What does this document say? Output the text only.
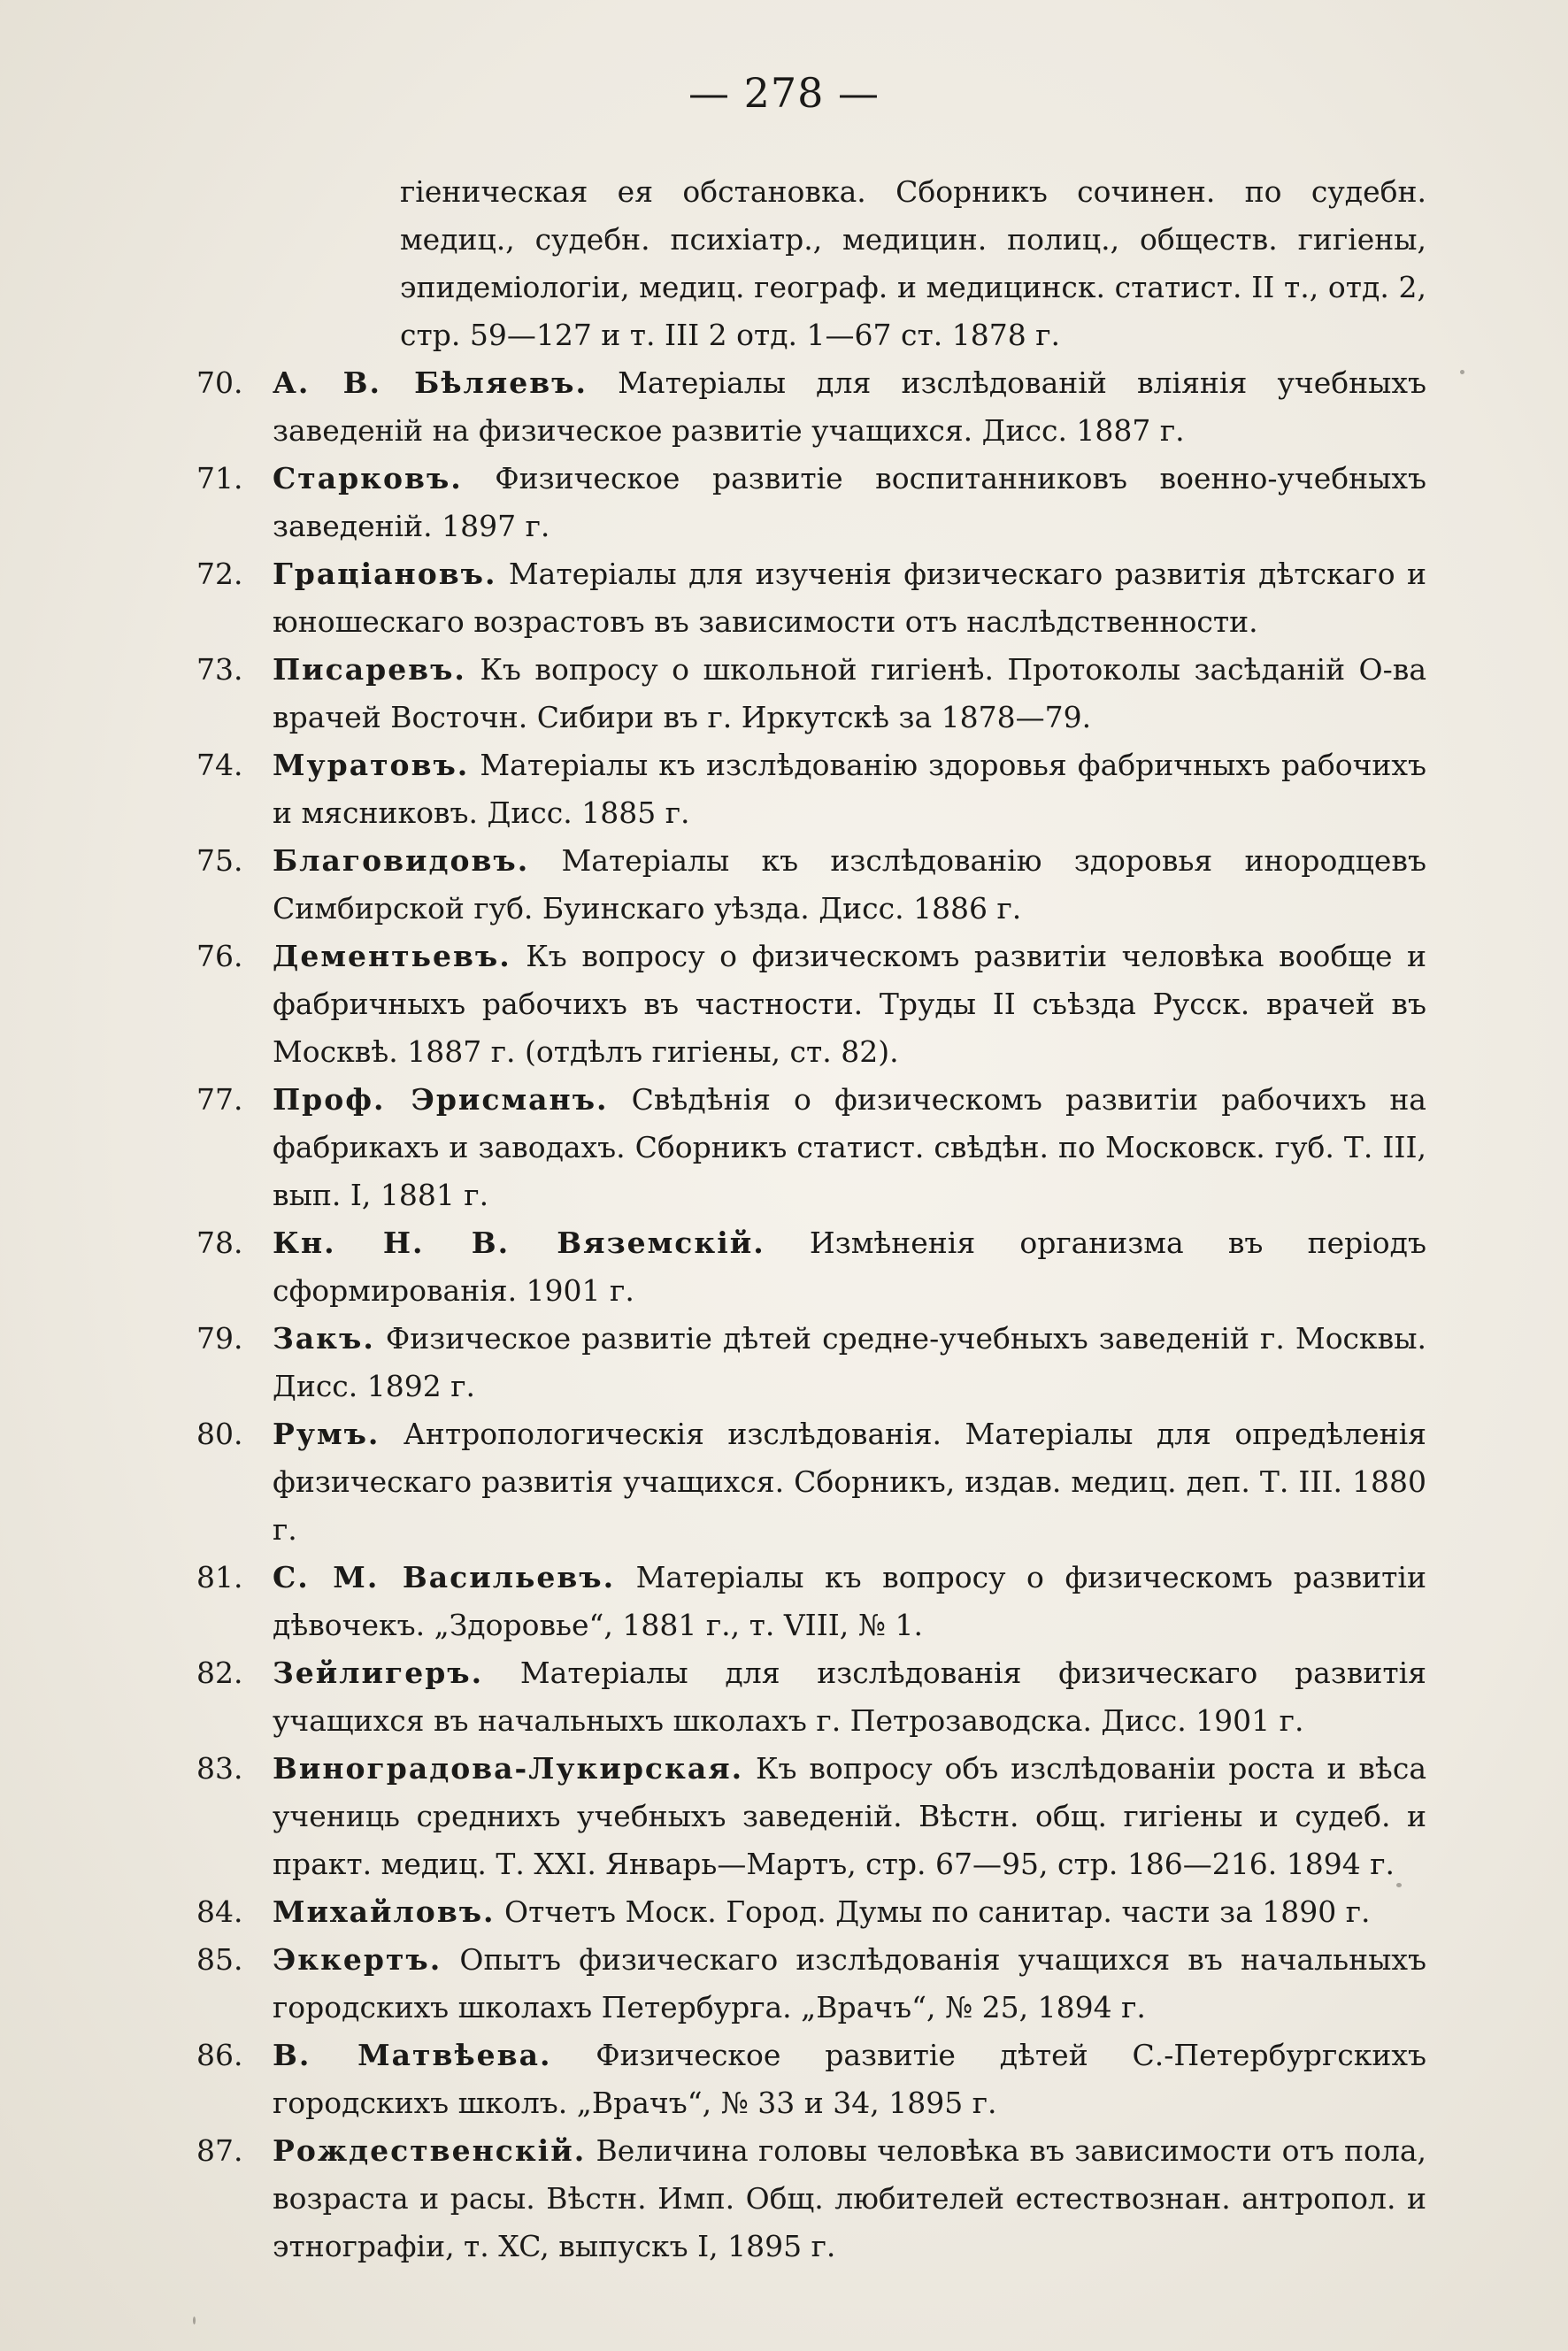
— 278 —
гіеническая ея обстановка. Сборникъ сочинен. по судебн. медиц., судебн. психіатр., медицин. полиц., обществ. гигіены, эпидеміологіи, медиц. географ. и медицинск. статист. II т., отд. 2, стр. 59—127 и т. III 2 отд. 1—67 ст. 1878 г.
70.	А. В. Бѣляевъ. Матеріалы для изслѣдованій вліянія учебныхъ заведеній на физическое развитіе учащихся. Дисс. 1887 г.
71.	Старковъ. Физическое развитіе воспитанниковъ военно-учебныхъ заведеній. 1897 г.
72.	Грацiановъ. Матеріалы для изученія физическаго развитія дѣтскаго и юношескаго возрастовъ въ зависимости отъ наслѣдственности.
73.	Писаревъ. Къ вопросу о школьной гигіенѣ. Протоколы засѣданій О-ва врачей Восточн. Сибири въ г. Иркутскѣ за 1878—79.
74.	Муратовъ. Матеріалы къ изслѣдованію здоровья фабричныхъ рабочихъ и мясниковъ. Дисс. 1885 г.
75.	Благовидовъ. Матеріалы къ изслѣдованію здоровья инородцевъ Симбирской губ. Буинскаго уѣзда. Дисс. 1886 г.
76.	Дементьевъ. Къ вопросу о физическомъ развитіи человѣка вообще и фабричныхъ рабочихъ въ частности. Труды II съѣзда Русск. врачей въ Москвѣ. 1887 г. (отдѣлъ гигіены, ст. 82).
77.	Проф. Эрисманъ. Свѣдѣнія о физическомъ развитіи рабочихъ на фабрикахъ и заводахъ. Сборникъ статист. свѣдѣн. по Московск. губ. Т. III, вып. I, 1881 г.
78.	Кн. Н. В. Вяземскій. Измѣненія организма въ періодъ сформированія. 1901 г.
79.	Закъ. Физическое развитіе дѣтей средне-учебныхъ заведеній г. Москвы. Дисс. 1892 г.
80.	Румъ. Антропологическія изслѣдованія. Матеріалы для опредѣленія физическаго развитія учащихся. Сборникъ, издав. медиц. деп. Т. III. 1880 г.
81.	С. М. Васильевъ. Матеріалы къ вопросу о физическомъ развитіи дѣвочекъ. „Здоровье“, 1881 г., т. VIII, № 1.
82.	Зейлигеръ. Матеріалы для изслѣдованія физическаго развитія учащихся въ начальныхъ школахъ г. Петрозаводска. Дисс. 1901 г.
83.	Виноградова-Лукирская. Къ вопросу объ изслѣдованіи роста и вѣса учениць среднихъ учебныхъ заведеній. Вѣстн. общ. гигіены и судеб. и практ. медиц. Т. XXI. Январь—Мартъ, стр. 67—95, стр. 186—216. 1894 г.
84.	Михайловъ. Отчетъ Моск. Город. Думы по санитар. части за 1890 г.
85.	Эккертъ. Опытъ физическаго изслѣдованія учащихся въ начальныхъ городскихъ школахъ Петербурга. „Врачъ“, № 25, 1894 г.
86.	В. Матвѣева. Физическое развитіе дѣтей С.-Петербургскихъ городскихъ школъ. „Врачъ“, № 33 и 34, 1895 г.
87.	Рождественскій. Величина головы человѣка въ зависимости отъ пола, возраста и расы. Вѣстн. Имп. Общ. любителей естествознан. антропол. и этнографіи, т. XC, выпускъ I, 1895 г.
